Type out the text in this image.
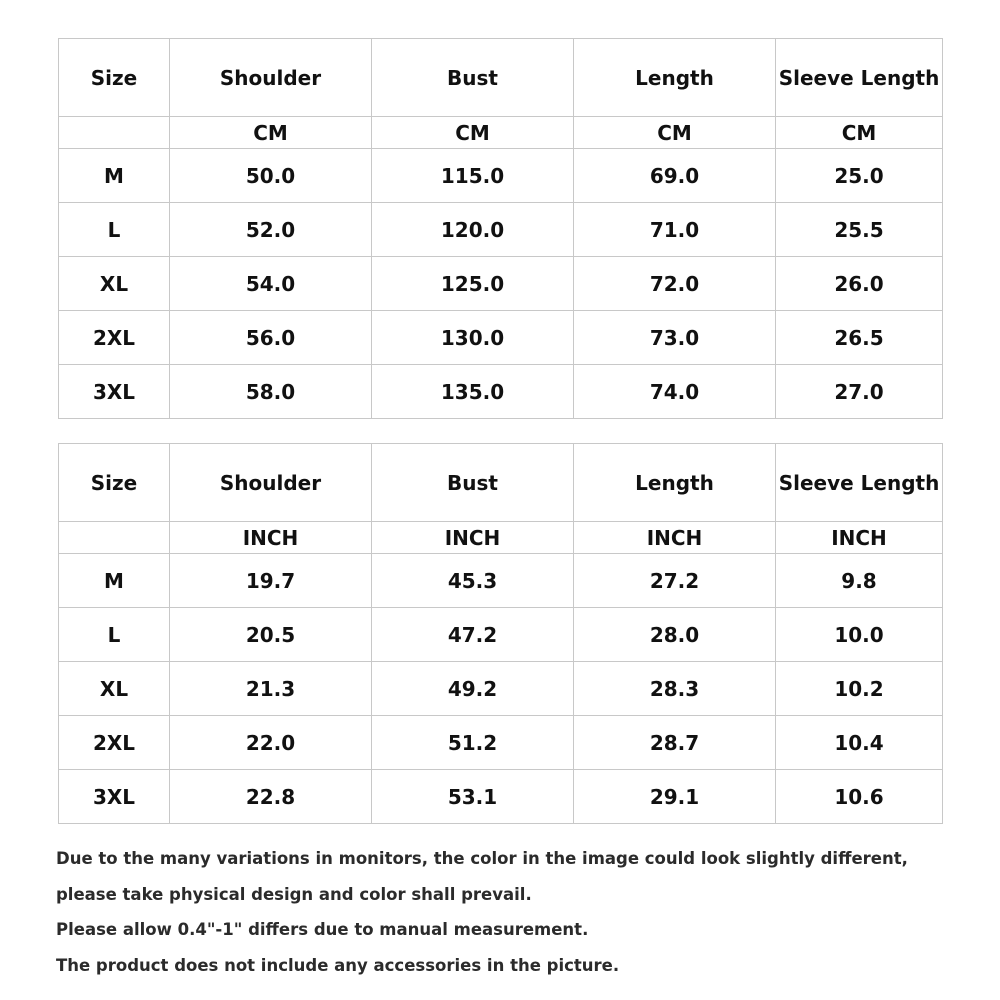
Size	Shoulder	Bust	Length	Sleeve Length
	CM	CM	CM	CM
M	50.0	115.0	69.0	25.0
L	52.0	120.0	71.0	25.5
XL	54.0	125.0	72.0	26.0
2XL	56.0	130.0	73.0	26.5
3XL	58.0	135.0	74.0	27.0
Size	Shoulder	Bust	Length	Sleeve Length
	INCH	INCH	INCH	INCH
M	19.7	45.3	27.2	9.8
L	20.5	47.2	28.0	10.0
XL	21.3	49.2	28.3	10.2
2XL	22.0	51.2	28.7	10.4
3XL	22.8	53.1	29.1	10.6

Due to the many variations in monitors, the color in the image could look slightly different,

please take physical design and color shall prevail.

Please allow 0.4"-1" differs due to manual measurement.

The product does not include any accessories in the picture.
